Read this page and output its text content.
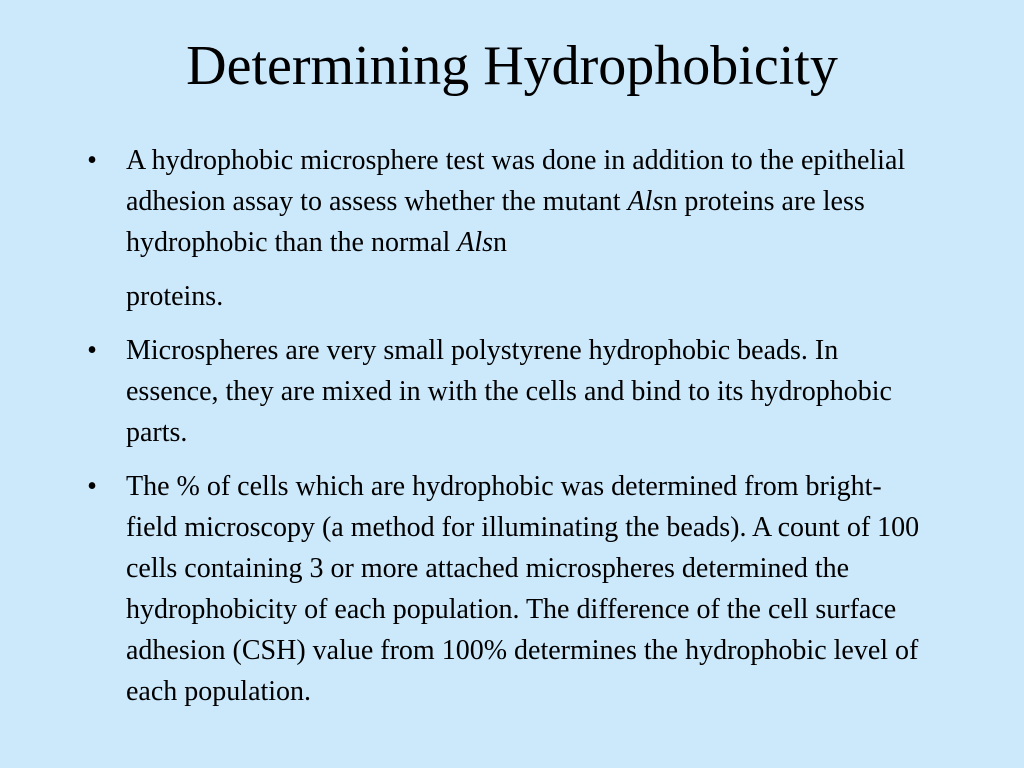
Determining Hydrophobicity
• A hydrophobic microsphere test was done in addition to the epithelial adhesion assay to assess whether the mutant Alsn proteins are less hydrophobic than the normal Alsn
proteins.
• Microspheres are very small polystyrene hydrophobic beads. In essence, they are mixed in with the cells and bind to its hydrophobic parts.
• The % of cells which are hydrophobic was determined from bright-field microscopy (a method for illuminating the beads). A count of 100 cells containing 3 or more attached microspheres determined the hydrophobicity of each population. The difference of the cell surface adhesion (CSH) value from 100% determines the hydrophobic level of each population.
